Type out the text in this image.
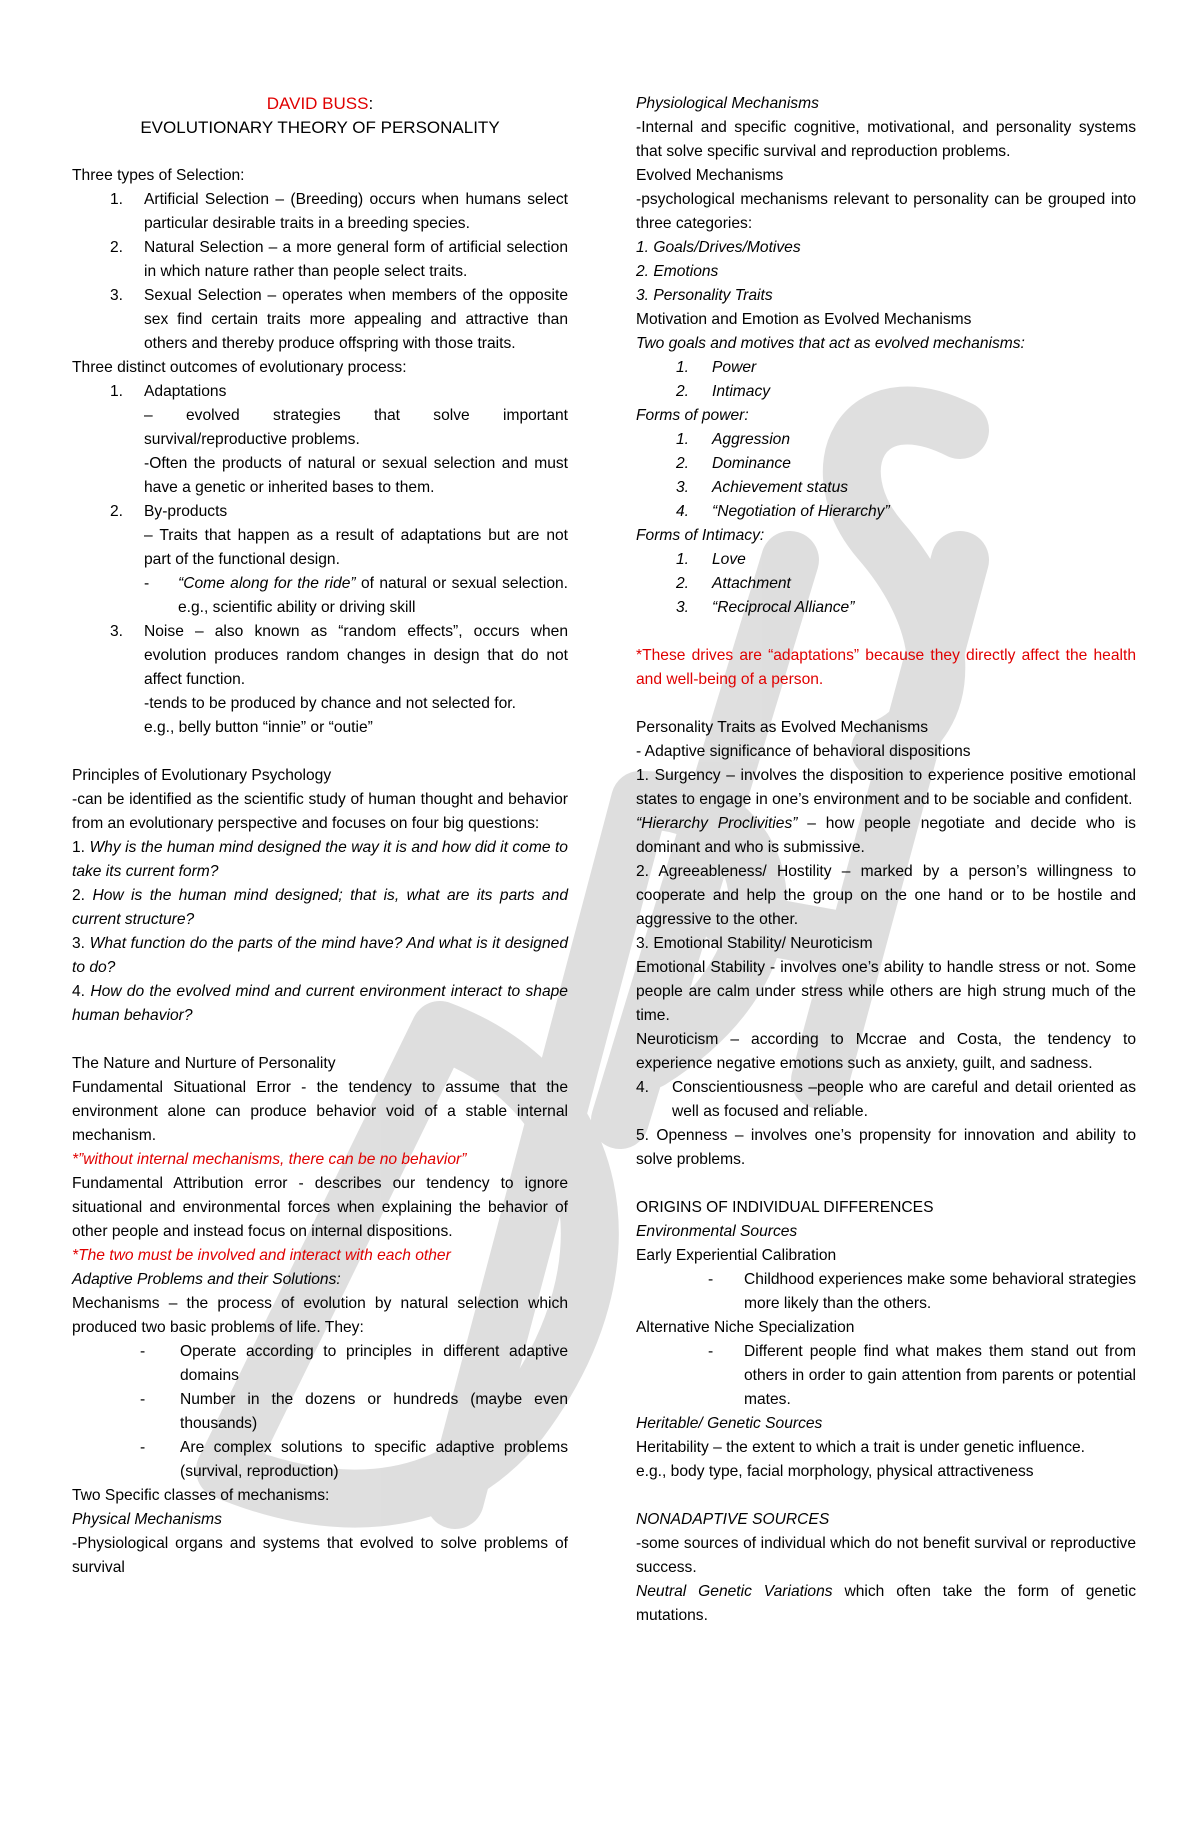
DAVID BUSS:
EVOLUTIONARY THEORY OF PERSONALITY
Three types of Selection:
1.	Artificial Selection – (Breeding) occurs when humans select particular desirable traits in a breeding species.
2.	Natural Selection – a more general form of artificial selection in which nature rather than people select traits.
3.	Sexual Selection – operates when members of the opposite sex find certain traits more appealing and attractive than others and thereby produce offspring with those traits.
Three distinct outcomes of evolutionary process:
1.	Adaptations
– evolved strategies that solve important survival/reproductive problems.
-Often the products of natural or sexual selection and must have a genetic or inherited bases to them.
2.	By-products
– Traits that happen as a result of adaptations but are not part of the functional design.
-	“Come along for the ride” of natural or sexual selection. e.g., scientific ability or driving skill
3.	Noise – also known as “random effects”, occurs when evolution produces random changes in design that do not affect function.
-tends to be produced by chance and not selected for.
e.g., belly button “innie” or “outie”
Principles of Evolutionary Psychology
-can be identified as the scientific study of human thought and behavior from an evolutionary perspective and focuses on four big questions:
1. Why is the human mind designed the way it is and how did it come to take its current form?
2. How is the human mind designed; that is, what are its parts and current structure?
3. What function do the parts of the mind have? And what is it designed to do?
4. How do the evolved mind and current environment interact to shape human behavior?
The Nature and Nurture of Personality
Fundamental Situational Error - the tendency to assume that the environment alone can produce behavior void of a stable internal mechanism.
*”without internal mechanisms, there can be no behavior”
Fundamental Attribution error - describes our tendency to ignore situational and environmental forces when explaining the behavior of other people and instead focus on internal dispositions.
*The two must be involved and interact with each other
Adaptive Problems and their Solutions:
Mechanisms – the process of evolution by natural selection which produced two basic problems of life. They:
-	Operate according to principles in different adaptive domains
-	Number in the dozens or hundreds (maybe even thousands)
-	Are complex solutions to specific adaptive problems (survival, reproduction)
Two Specific classes of mechanisms:
Physical Mechanisms
-Physiological organs and systems that evolved to solve problems of survival
Physiological Mechanisms
-Internal and specific cognitive, motivational, and personality systems that solve specific survival and reproduction problems.
Evolved Mechanisms
-psychological mechanisms relevant to personality can be grouped into three categories:
1. Goals/Drives/Motives
2. Emotions
3. Personality Traits
Motivation and Emotion as Evolved Mechanisms
Two goals and motives that act as evolved mechanisms:
1.	Power
2.	Intimacy
Forms of power:
1.	Aggression
2.	Dominance
3.	Achievement status
4.	“Negotiation of Hierarchy”
Forms of Intimacy:
1.	Love
2.	Attachment
3.	“Reciprocal Alliance”
*These drives are “adaptations” because they directly affect the health and well-being of a person.
Personality Traits as Evolved Mechanisms
- Adaptive significance of behavioral dispositions
1. Surgency – involves the disposition to experience positive emotional states to engage in one’s environment and to be sociable and confident.
“Hierarchy Proclivities” – how people negotiate and decide who is dominant and who is submissive.
2. Agreeableness/ Hostility – marked by a person’s willingness to cooperate and help the group on the one hand or to be hostile and aggressive to the other.
3. Emotional Stability/ Neuroticism
Emotional Stability - involves one’s ability to handle stress or not. Some people are calm under stress while others are high strung much of the time.
Neuroticism – according to Mccrae and Costa, the tendency to experience negative emotions such as anxiety, guilt, and sadness.
4.	Conscientiousness –people who are careful and detail oriented as well as focused and reliable.
5. Openness – involves one’s propensity for innovation and ability to solve problems.
ORIGINS OF INDIVIDUAL DIFFERENCES
Environmental Sources
Early Experiential Calibration
-	Childhood experiences make some behavioral strategies more likely than the others.
Alternative Niche Specialization
-	Different people find what makes them stand out from others in order to gain attention from parents or potential mates.
Heritable/ Genetic Sources
Heritability – the extent to which a trait is under genetic influence.
e.g., body type, facial morphology, physical attractiveness
NONADAPTIVE SOURCES
-some sources of individual which do not benefit survival or reproductive success.
Neutral Genetic Variations which often take the form of genetic mutations.
